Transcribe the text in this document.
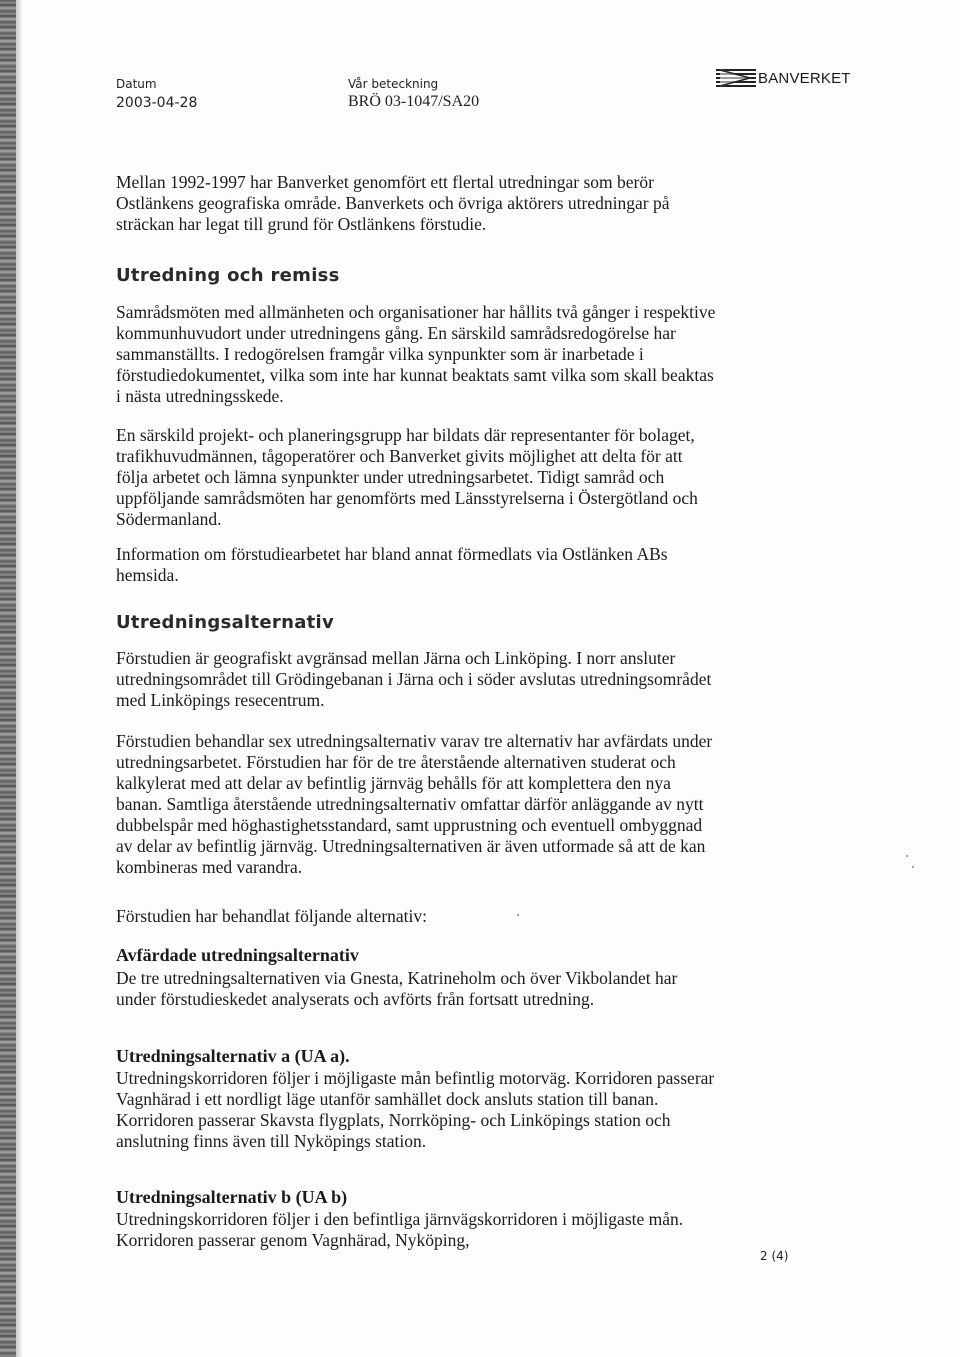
Datum
2003-04-28
Vår beteckning
BRÖ 03-1047/SA20
BANVERKET

Mellan 1992-1997 har Banverket genomfört ett flertal utredningar som berör Ostlänkens geografiska område. Banverkets och övriga aktörers utredningar på sträckan har legat till grund för Ostlänkens förstudie.

Utredning och remiss

Samrådsmöten med allmänheten och organisationer har hållits två gånger i respektive kommunhuvudort under utredningens gång. En särskild samrådsredogörelse har sammanställts. I redogörelsen framgår vilka synpunkter som är inarbetade i förstudiedokumentet, vilka som inte har kunnat beaktats samt vilka som skall beaktas i nästa utredningsskede.

En särskild projekt- och planeringsgrupp har bildats där representanter för bolaget, trafikhuvudmännen, tågoperatörer och Banverket givits möjlighet att delta för att följa arbetet och lämna synpunkter under utredningsarbetet. Tidigt samråd och uppföljande samrådsmöten har genomförts med Länsstyrelserna i Östergötland och Södermanland.

Information om förstudiearbetet har bland annat förmedlats via Ostlänken ABs hemsida.

Utredningsalternativ

Förstudien är geografiskt avgränsad mellan Järna och Linköping. I norr ansluter utredningsområdet till Grödingebanan i Järna och i söder avslutas utredningsområdet med Linköpings resecentrum.

Förstudien behandlar sex utredningsalternativ varav tre alternativ har avfärdats under utredningsarbetet. Förstudien har för de tre återstående alternativen studerat och kalkylerat med att delar av befintlig järnväg behålls för att komplettera den nya banan. Samtliga återstående utredningsalternativ omfattar därför anläggande av nytt dubbelspår med höghastighetsstandard, samt upprustning och eventuell ombyggnad av delar av befintlig järnväg. Utredningsalternativen är även utformade så att de kan kombineras med varandra.

Förstudien har behandlat följande alternativ:

Avfärdade utredningsalternativ

De tre utredningsalternativen via Gnesta, Katrineholm och över Vikbolandet har under förstudieskedet analyserats och avförts från fortsatt utredning.

Utredningsalternativ a (UA a).

Utredningskorridoren följer i möjligaste mån befintlig motorväg. Korridoren passerar Vagnhärad i ett nordligt läge utanför samhället dock ansluts station till banan. Korridoren passerar Skavsta flygplats, Norrköping- och Linköpings station och anslutning finns även till Nyköpings station.

Utredningsalternativ b (UA b)

Utredningskorridoren följer i den befintliga järnvägskorridoren i möjligaste mån. Korridoren passerar genom Vagnhärad, Nyköping,

2 (4)
